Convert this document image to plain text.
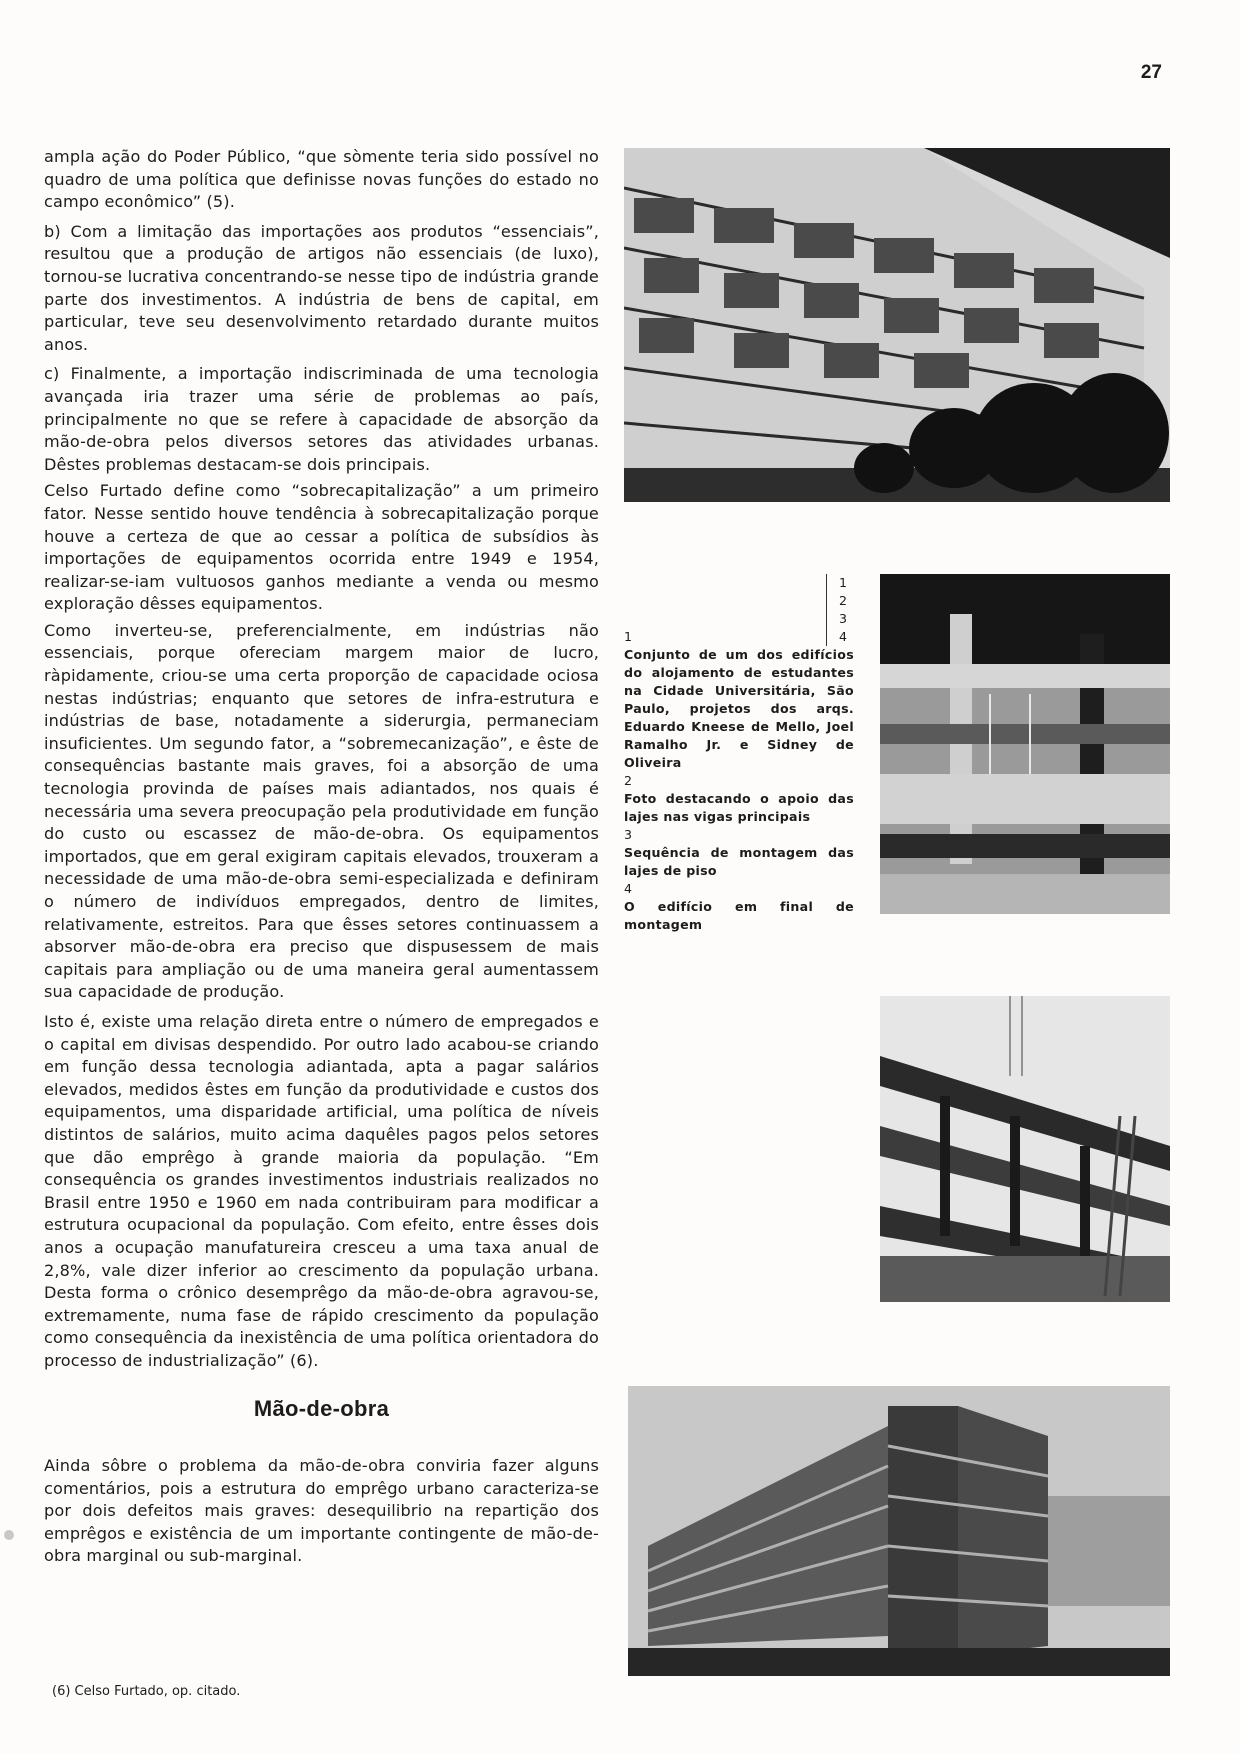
27

ampla ação do Poder Público, “que sòmente teria sido possível no quadro de uma política que definisse novas funções do estado no campo econômico” (5).

b) Com a limitação das importações aos produtos “essenciais”, resultou que a produção de artigos não essenciais (de luxo), tornou-se lucrativa concentrando-se nesse tipo de indústria grande parte dos investimentos. A indústria de bens de capital, em particular, teve seu desenvolvimento retardado durante muitos anos.

c) Finalmente, a importação indiscriminada de uma tecnologia avançada iria trazer uma série de problemas ao país, principalmente no que se refere à capacidade de absorção da mão-de-obra pelos diversos setores das atividades urbanas. Dêstes problemas destacam-se dois principais.

Celso Furtado define como “sobrecapitalização” a um primeiro fator. Nesse sentido houve tendência à sobrecapitalização porque houve a certeza de que ao cessar a política de subsídios às importações de equipamentos ocorrida entre 1949 e 1954, realizar-se-iam vultuosos ganhos mediante a venda ou mesmo exploração dêsses equipamentos.

Como inverteu-se, preferencialmente, em indústrias não essenciais, porque ofereciam margem maior de lucro, ràpidamente, criou-se uma certa proporção de capacidade ociosa nestas indústrias; enquanto que setores de infra-estrutura e indústrias de base, notadamente a siderurgia, permaneciam insuficientes. Um segundo fator, a “sobremecanização”, e êste de consequências bastante mais graves, foi a absorção de uma tecnologia provinda de países mais adiantados, nos quais é necessária uma severa preocupação pela produtividade em função do custo ou escassez de mão-de-obra. Os equipamentos importados, que em geral exigiram capitais elevados, trouxeram a necessidade de uma mão-de-obra semi-especializada e definiram o número de indivíduos empregados, dentro de limites, relativamente, estreitos. Para que êsses setores continuassem a absorver mão-de-obra era preciso que dispusessem de mais capitais para ampliação ou de uma maneira geral aumentassem sua capacidade de produção.

Isto é, existe uma relação direta entre o número de empregados e o capital em divisas despendido. Por outro lado acabou-se criando em função dessa tecnologia adiantada, apta a pagar salários elevados, medidos êstes em função da produtividade e custos dos equipamentos, uma disparidade artificial, uma política de níveis distintos de salários, muito acima daquêles pagos pelos setores que dão emprêgo à grande maioria da população. “Em consequência os grandes investimentos industriais realizados no Brasil entre 1950 e 1960 em nada contribuiram para modificar a estrutura ocupacional da população. Com efeito, entre êsses dois anos a ocupação manufatureira cresceu a uma taxa anual de 2,8%, vale dizer inferior ao crescimento da população urbana. Desta forma o crônico desemprêgo da mão-de-obra agravou-se, extremamente, numa fase de rápido crescimento da população como consequência da inexistência de uma política orientadora do processo de industrialização” (6).

Mão-de-obra

Ainda sôbre o problema da mão-de-obra conviria fazer alguns comentários, pois a estrutura do emprêgo urbano caracteriza-se por dois defeitos mais graves: desequilibrio na repartição dos emprêgos e existência de um importante contingente de mão-de-obra marginal ou sub-marginal.

(6) Celso Furtado, op. citado.
1
2
3
4
1
Conjunto de um dos edifícios do alojamento de estudantes na Cidade Universitária, São Paulo, projetos dos arqs. Eduardo Kneese de Mello, Joel Ramalho Jr. e Sidney de Oliveira
2
Foto destacando o apoio das lajes nas vigas principais
3
Sequência de montagem das lajes de piso
4
O edifício em final de montagem
